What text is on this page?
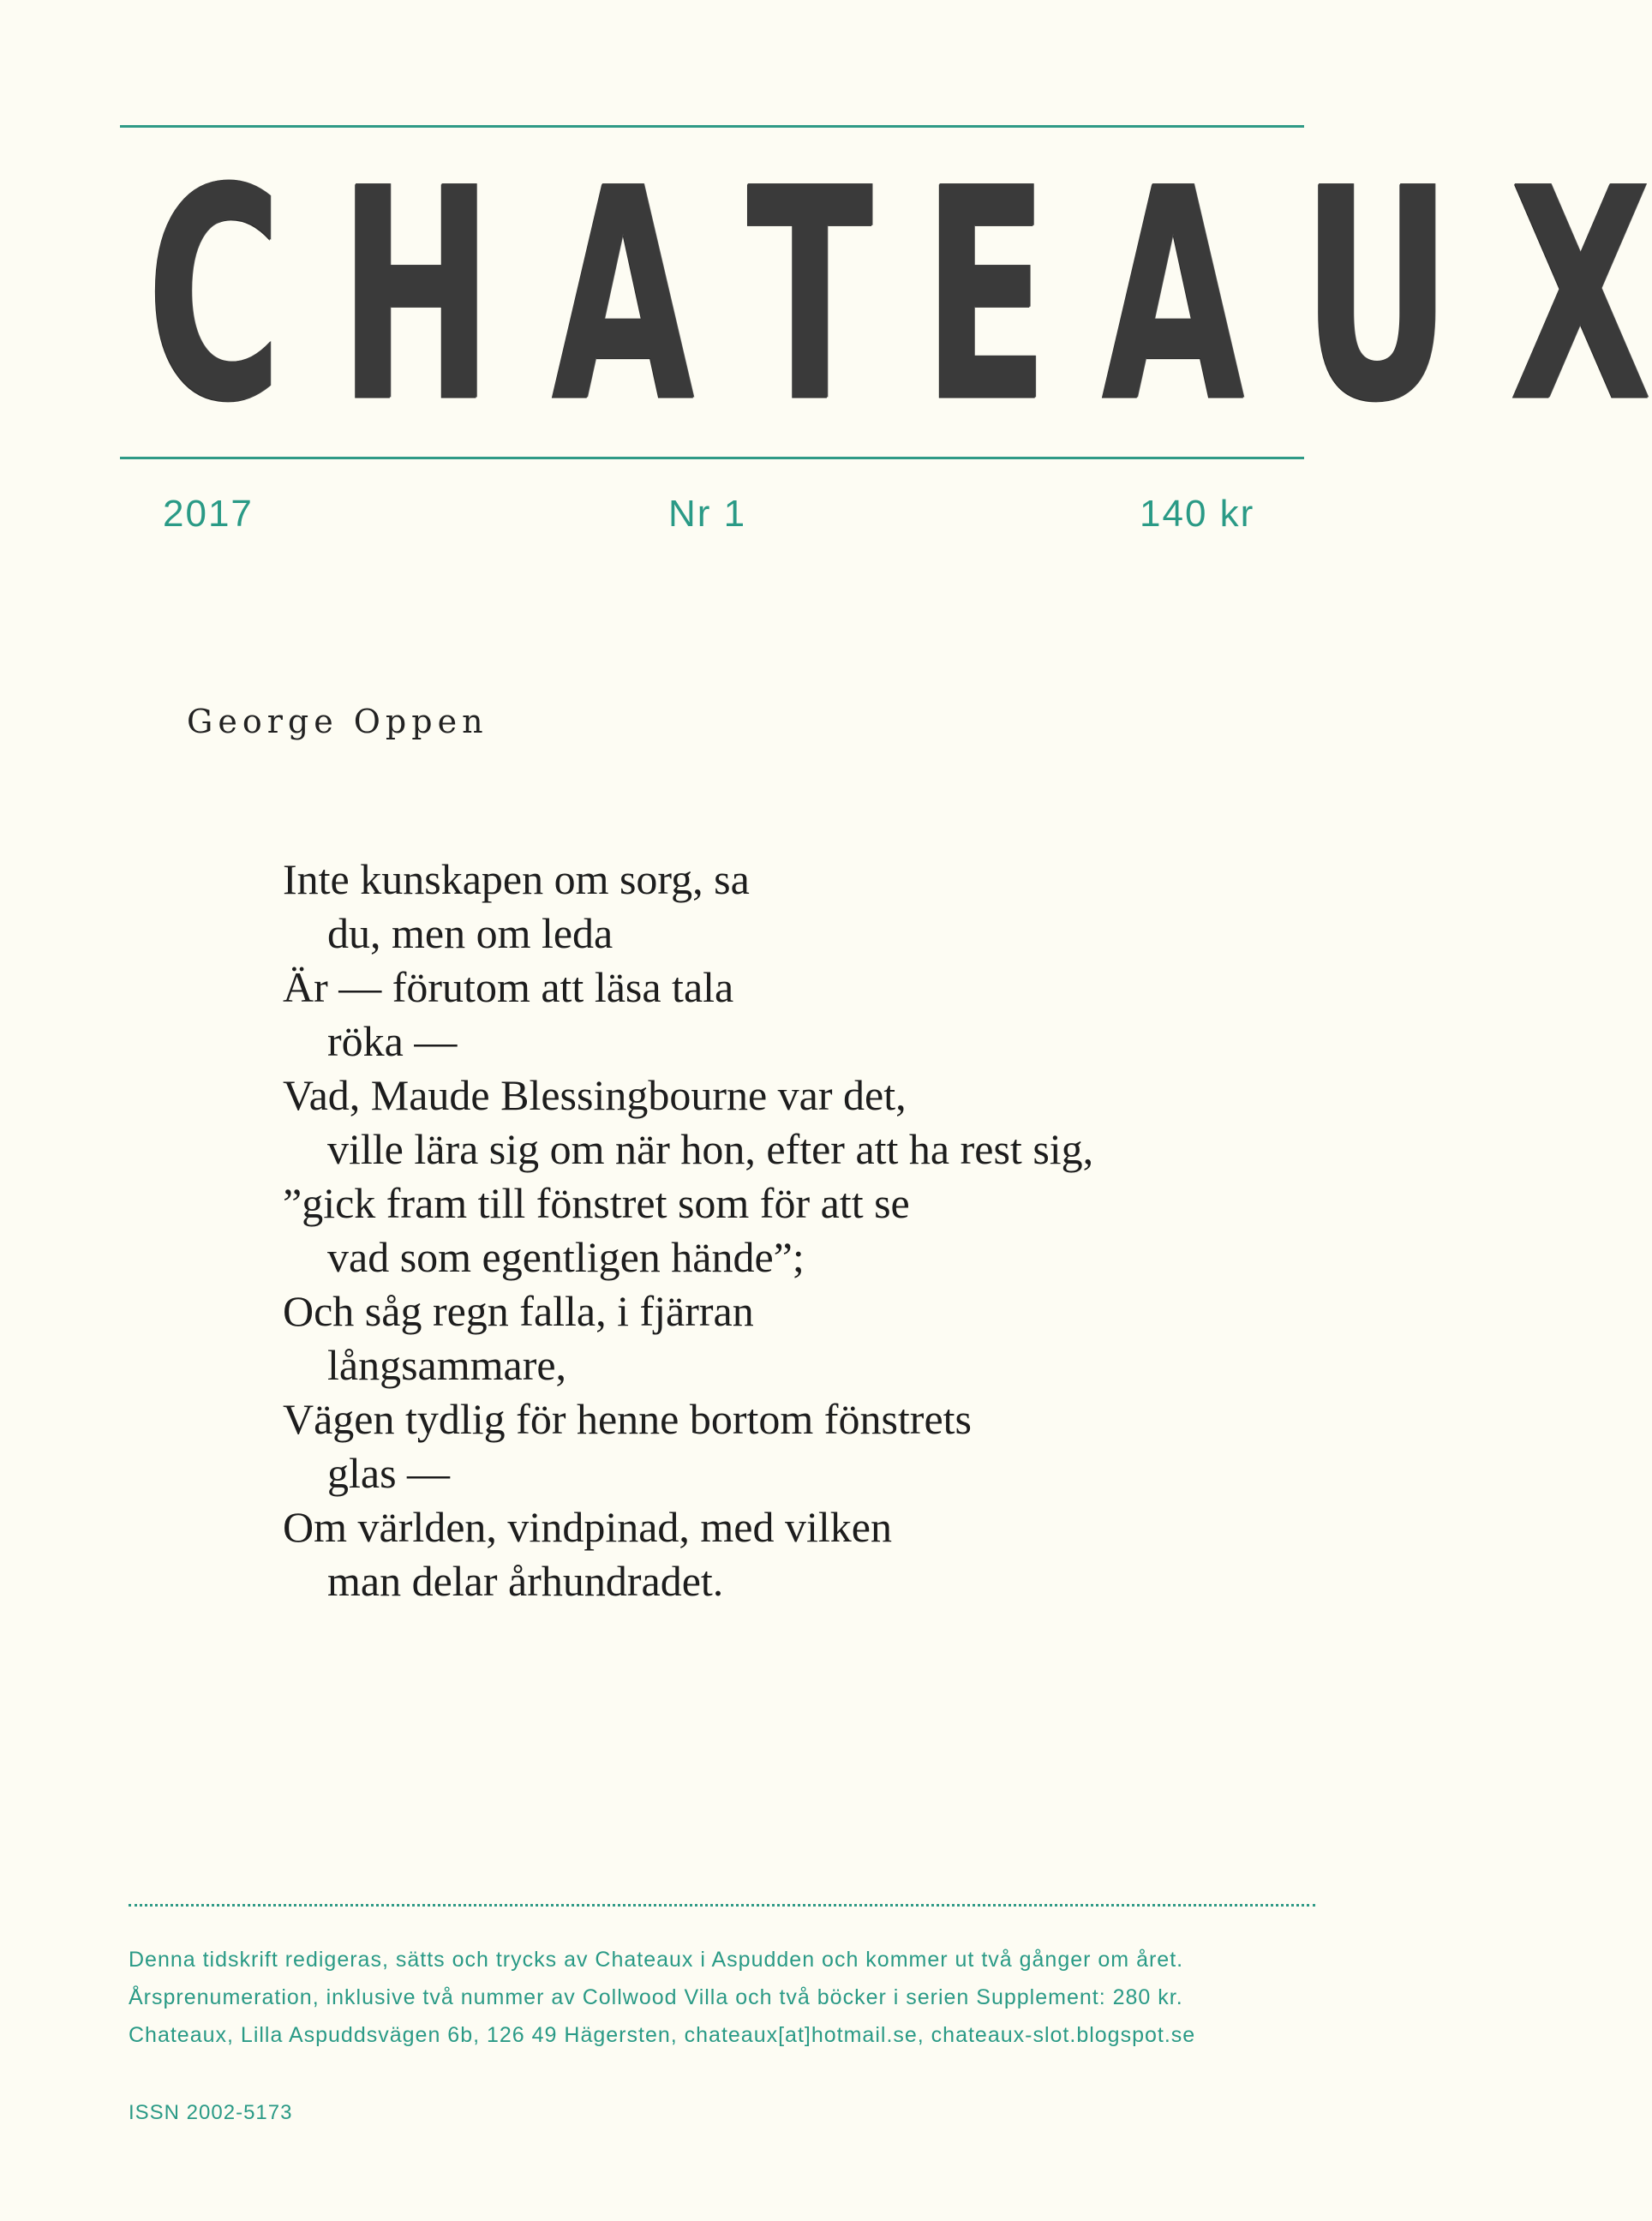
C H A T E A U X
2017	Nr 1	140 kr
George Oppen
Inte kunskapen om sorg, sa
du, men om leda
Är — förutom att läsa tala
röka —
Vad, Maude Blessingbourne var det,
ville lära sig om när hon, efter att ha rest sig,
”gick fram till fönstret som för att se
vad som egentligen hände”;
Och såg regn falla, i fjärran
långsammare,
Vägen tydlig för henne bortom fönstrets
glas —
Om världen, vindpinad, med vilken
man delar århundradet.
Denna tidskrift redigeras, sätts och trycks av Chateaux i Aspudden och kommer ut två gånger om året.
Årsprenumeration, inklusive två nummer av Collwood Villa och två böcker i serien Supplement: 280 kr.
Chateaux, Lilla Aspuddsvägen 6b, 126 49 Hägersten, chateaux[at]hotmail.se, chateaux-slot.blogspot.se
ISSN 2002-5173
